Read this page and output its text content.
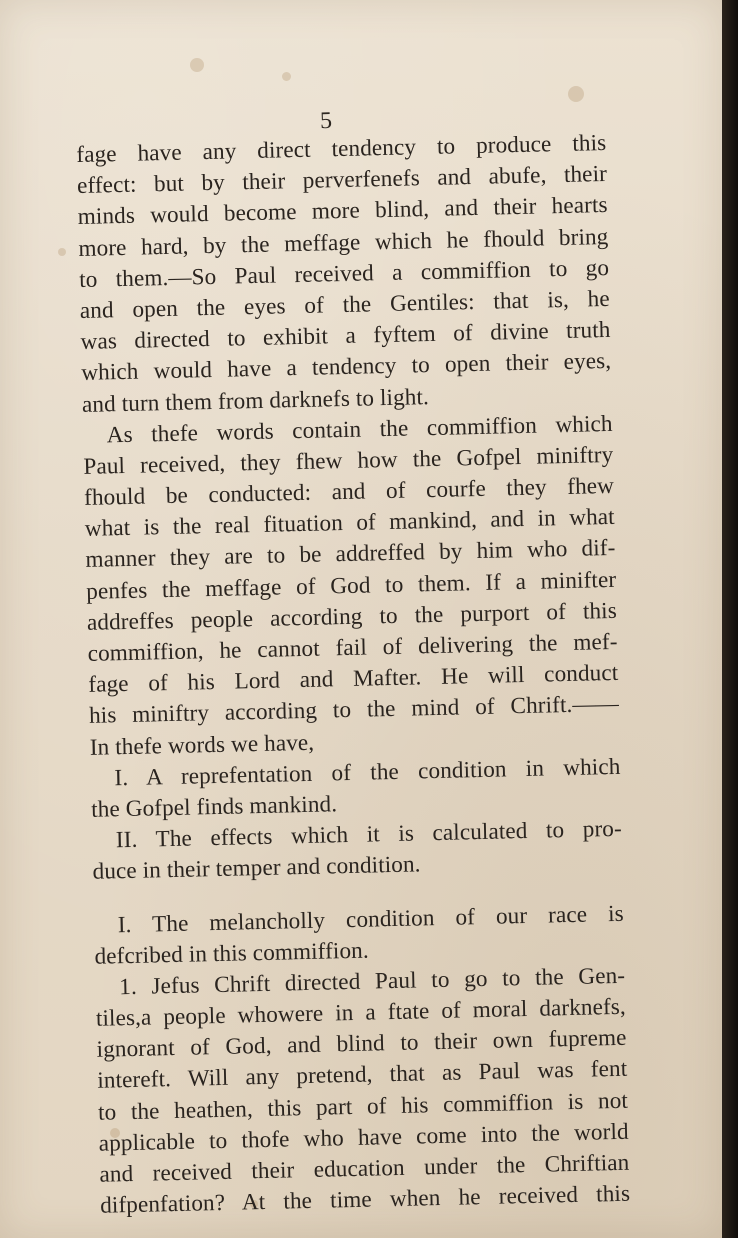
5
fage have any direct tendency to produce this
effect: but by their perverfenefs and abufe, their
minds would become more blind, and their hearts
more hard, by the meffage which he fhould bring
to them.—So Paul received a commiffion to go
and open the eyes of the Gentiles: that is, he
was directed to exhibit a fyftem of divine truth
which would have a tendency to open their eyes,
and turn them from darknefs to light.
As thefe words contain the commiffion which
Paul received, they fhew how the Gofpel miniftry
fhould be conducted: and of courfe they fhew
what is the real fituation of mankind, and in what
manner they are to be addreffed by him who dif-
penfes the meffage of God to them. If a minifter
addreffes people according to the purport of this
commiffion, he cannot fail of delivering the mef-
fage of his Lord and Mafter. He will conduct
his miniftry according to the mind of Chrift.——
In thefe words we have,
I. A reprefentation of the condition in which
the Gofpel finds mankind.
II. The effects which it is calculated to pro-
duce in their temper and condition.
I. The melancholly condition of our race is
defcribed in this commiffion.
1. Jefus Chrift directed Paul to go to the Gen-
tiles,a people whowere in a ftate of moral darknefs,
ignorant of God, and blind to their own fupreme
intereft. Will any pretend, that as Paul was fent
to the heathen, this part of his commiffion is not
applicable to thofe who have come into the world
and received their education under the Chriftian
difpenfation? At the time when he received this
